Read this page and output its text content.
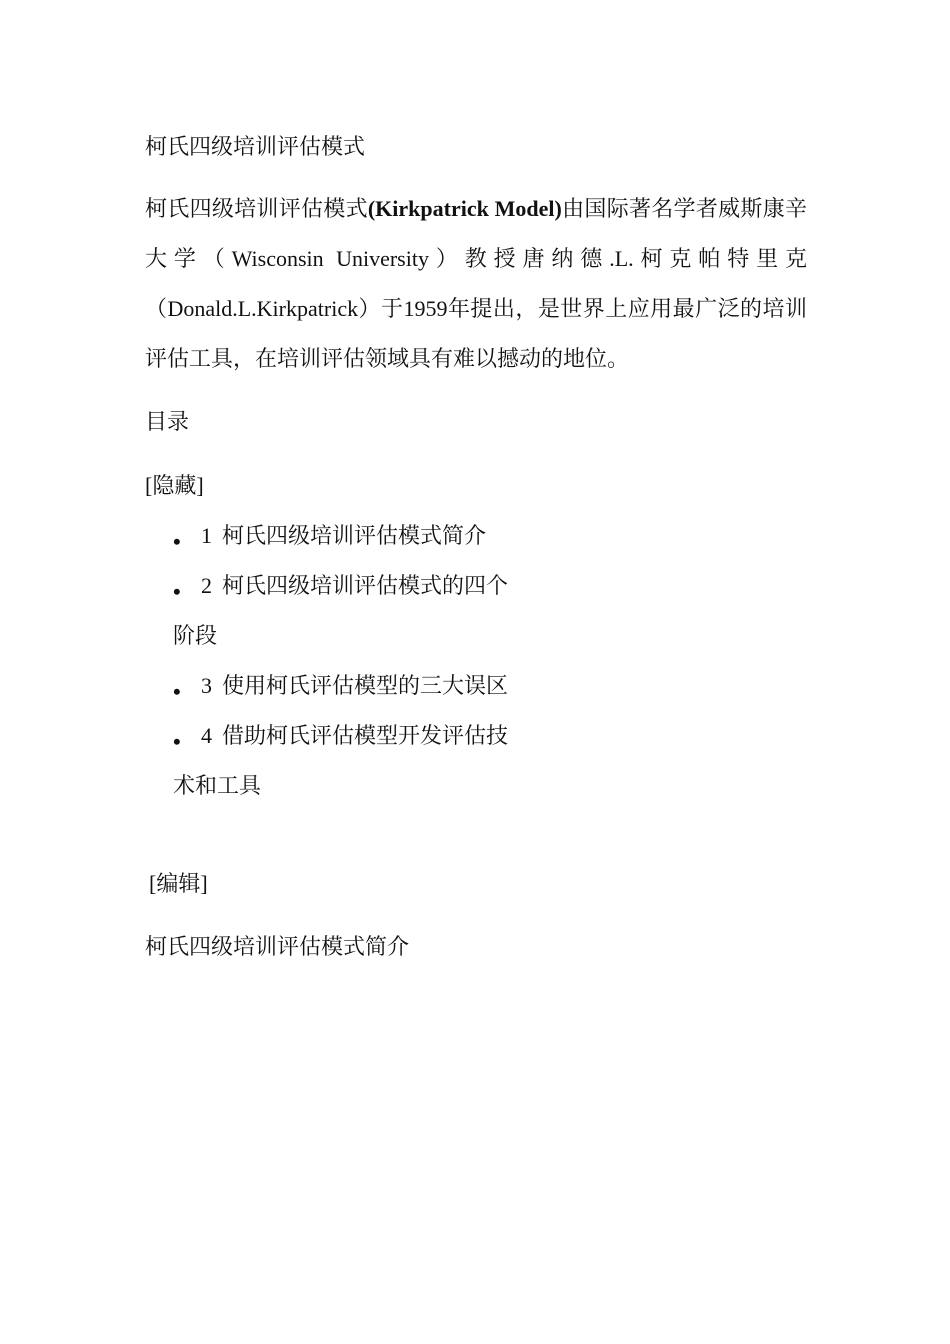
柯氏四级培训评估模式

柯氏四级培训评估模式(Kirkpatrick Model)由国际著名学者威斯康辛大学（Wisconsin University）教授唐纳德.L.柯克帕特里克（Donald.L.Kirkpatrick）于1959年提出，是世界上应用最广泛的培训评估工具，在培训评估领域具有难以撼动的地位。

目录

[隐藏]

• 1 柯氏四级培训评估模式简介
• 2 柯氏四级培训评估模式的四个
阶段
• 3 使用柯氏评估模型的三大误区
• 4 借助柯氏评估模型开发评估技
术和工具

[编辑]

柯氏四级培训评估模式简介
